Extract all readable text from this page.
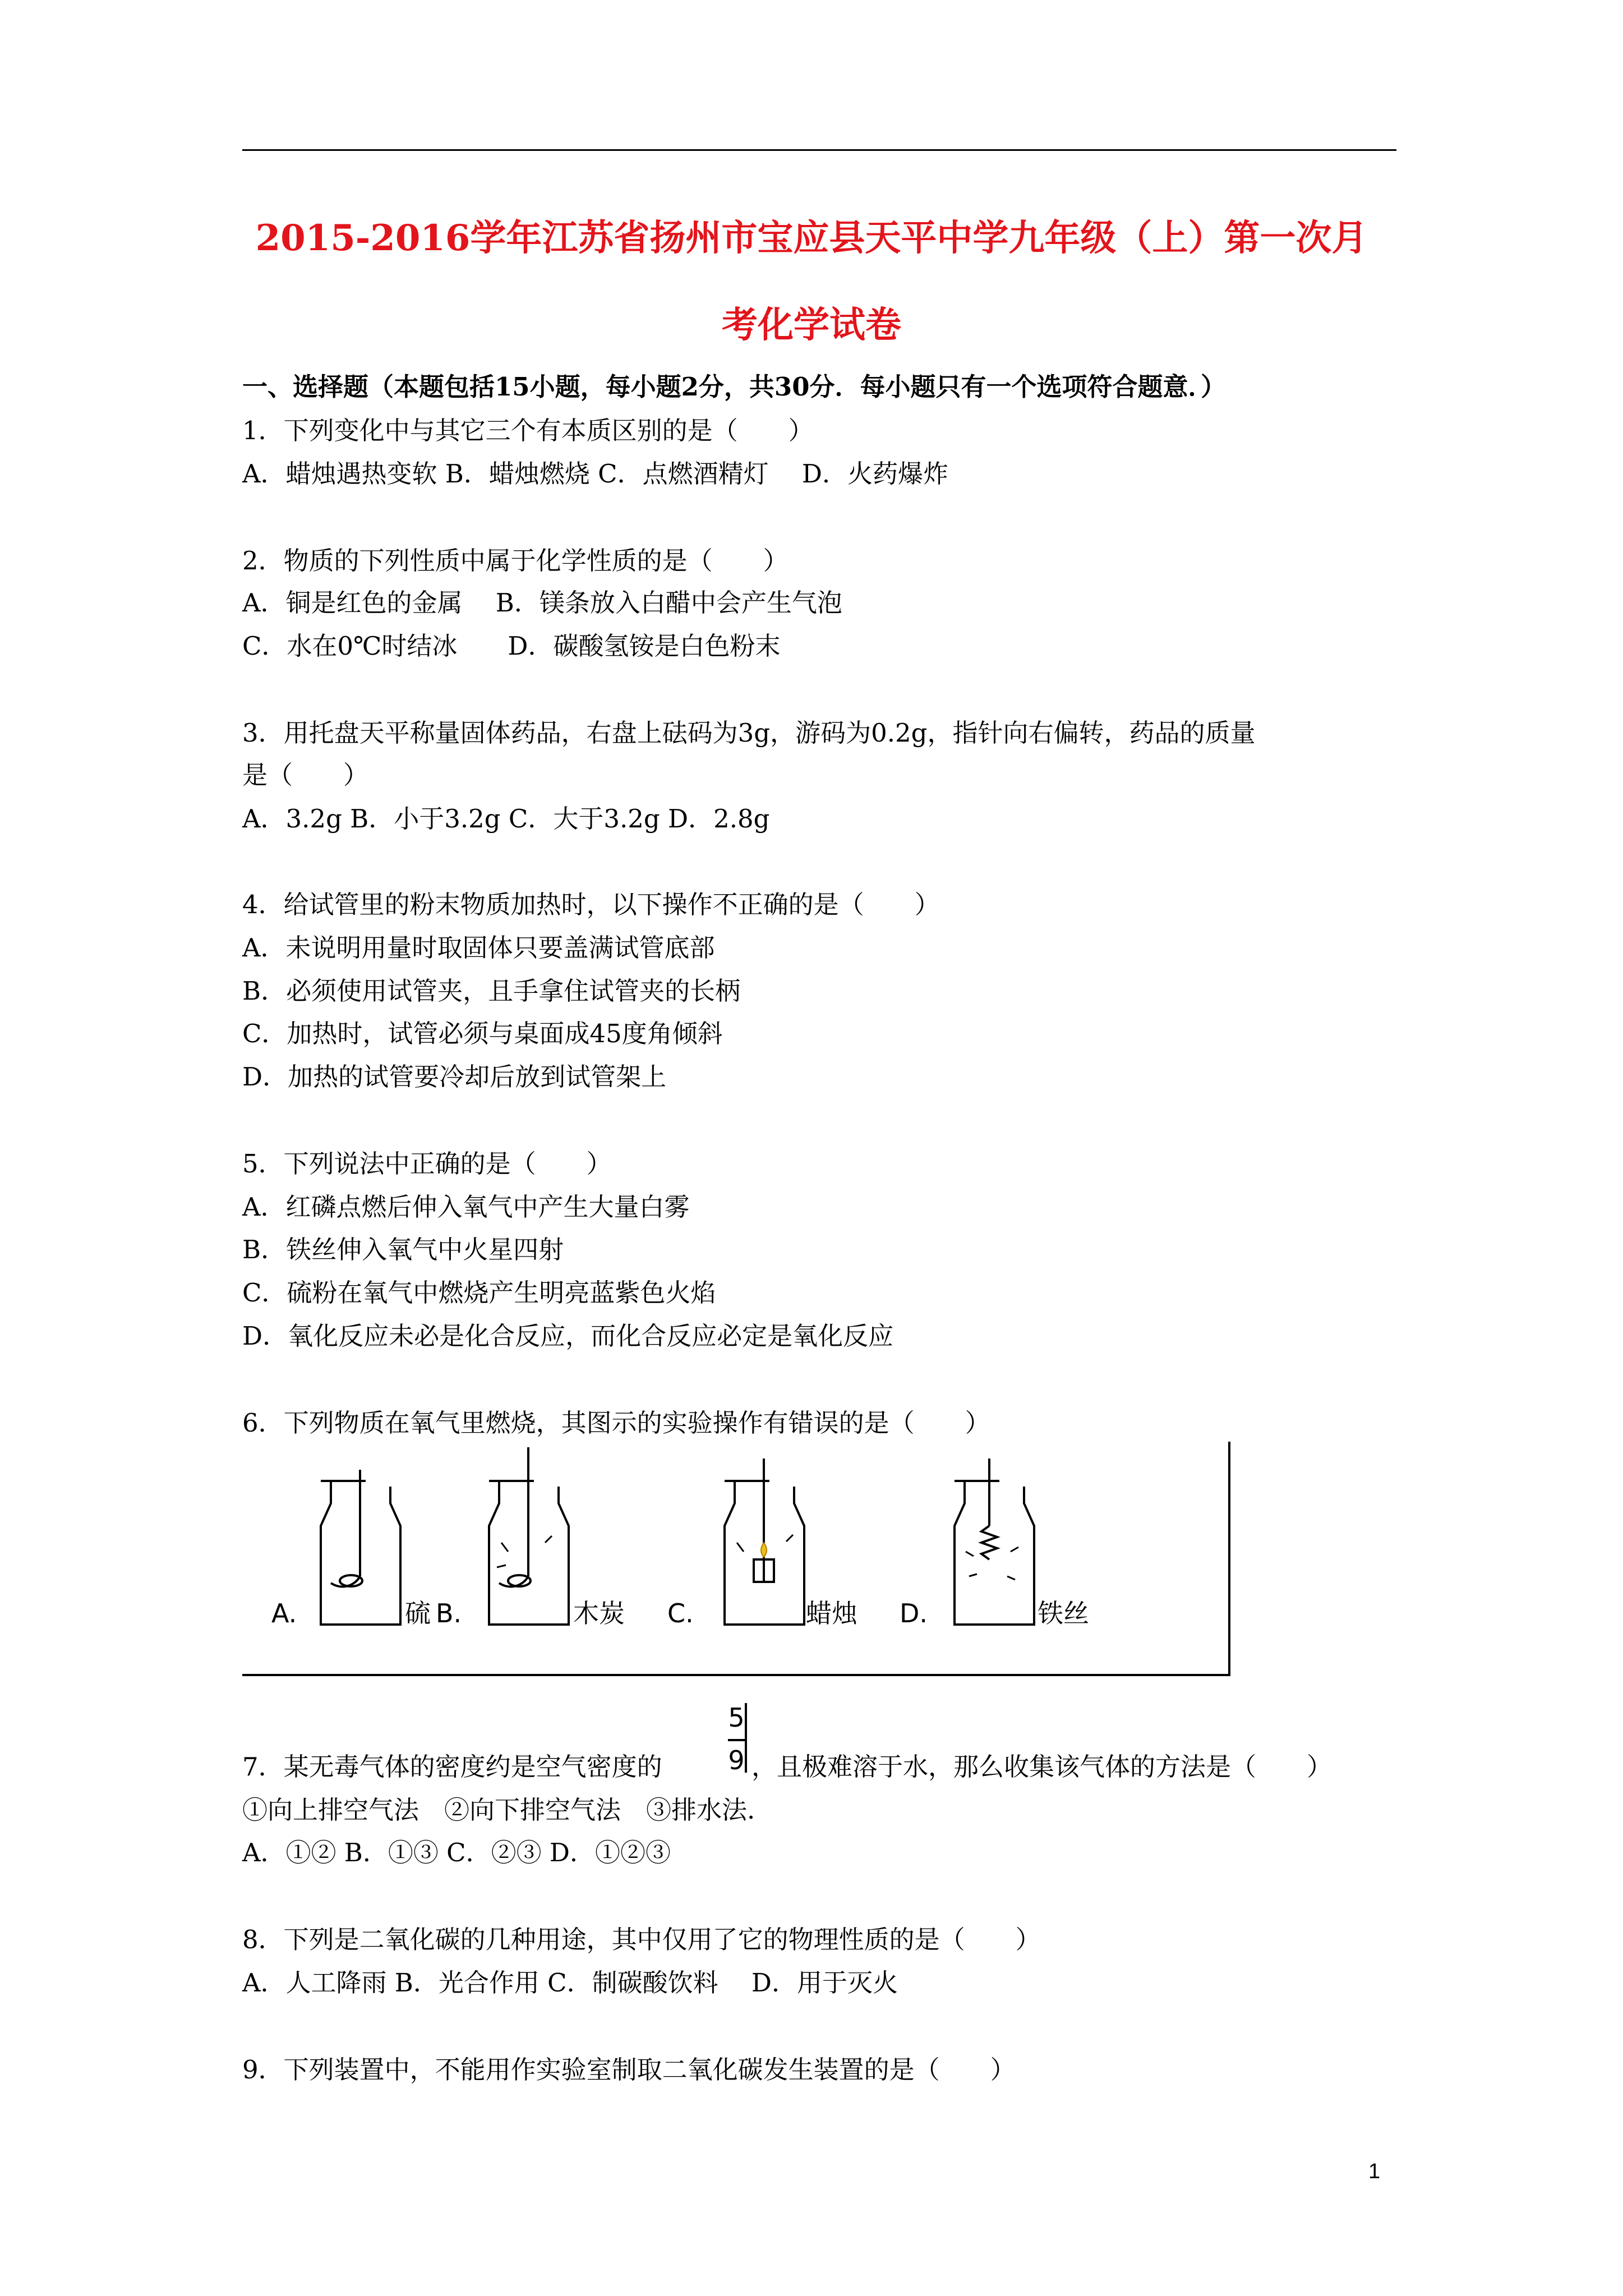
2015-2016学年江苏省扬州市宝应县天平中学九年级（上）第一次月
考化学试卷
一、选择题（本题包括15小题，每小题2分，共30分．每小题只有一个选项符合题意．）
1．下列变化中与其它三个有本质区别的是（　　）
A．蜡烛遇热变软 B．蜡烛燃烧 C．点燃酒精灯　 D．火药爆炸
2．物质的下列性质中属于化学性质的是（　　）
A．铜是红色的金属　 B．镁条放入白醋中会产生气泡
C．水在0℃时结冰　　D．碳酸氢铵是白色粉末
3．用托盘天平称量固体药品，右盘上砝码为3g，游码为0.2g，指针向右偏转，药品的质量
是（　　）
A．3.2g B．小于3.2g C．大于3.2g D．2.8g
4．给试管里的粉末物质加热时，以下操作不正确的是（　　）
A．未说明用量时取固体只要盖满试管底部
B．必须使用试管夹，且手拿住试管夹的长柄
C．加热时，试管必须与桌面成45度角倾斜
D．加热的试管要冷却后放到试管架上
5．下列说法中正确的是（　　）
A．红磷点燃后伸入氧气中产生大量白雾
B．铁丝伸入氧气中火星四射
C．硫粉在氧气中燃烧产生明亮蓝紫色火焰
D．氧化反应未必是化合反应，而化合反应必定是氧化反应
6．下列物质在氧气里燃烧，其图示的实验操作有错误的是（　　）
A.	硫 B.	木炭 C.	蜡烛 D.	铁丝
5
9
7．某无毒气体的密度约是空气密度的	，且极难溶于水，那么收集该气体的方法是（　　）
①向上排空气法　②向下排空气法　③排水法.
A．①② B．①③ C．②③ D．①②③
8．下列是二氧化碳的几种用途，其中仅用了它的物理性质的是（　　）
A．人工降雨 B．光合作用 C．制碳酸饮料　 D．用于灭火
9．下列装置中，不能用作实验室制取二氧化碳发生装置的是（　　）
1
